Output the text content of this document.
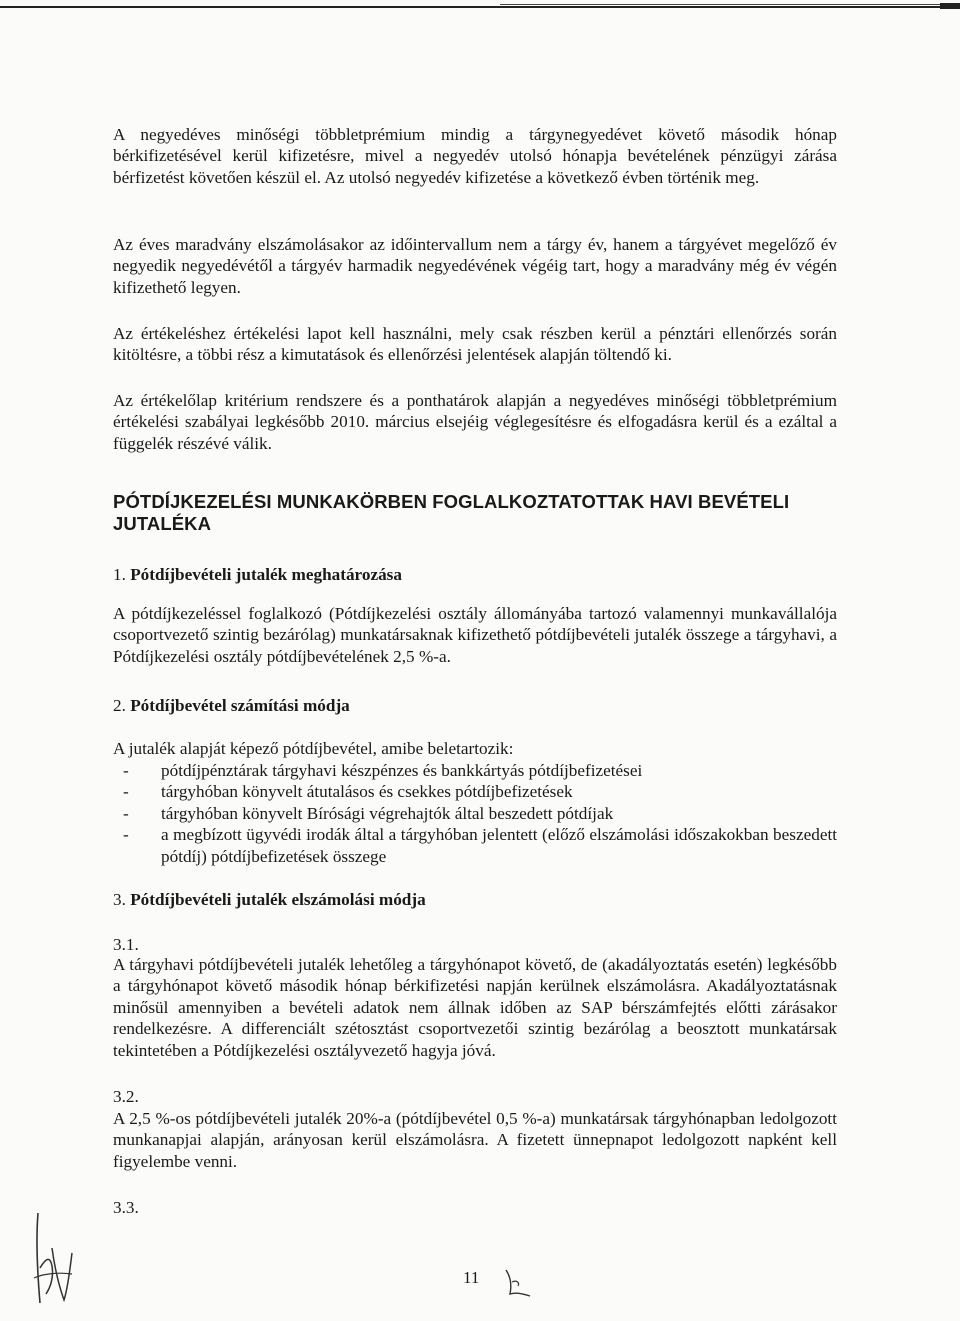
A negyedéves minőségi többletprémium mindig a tárgynegyedévet követő második hónap bérkifizetésével kerül kifizetésre, mivel a negyedév utolsó hónapja bevételének pénzügyi zárása bérfizetést követően készül el. Az utolsó negyedév kifizetése a következő évben történik meg.

Az éves maradvány elszámolásakor az időintervallum nem a tárgy év, hanem a tárgyévet megelőző év negyedik negyedévétől a tárgyév harmadik negyedévének végéig tart, hogy a maradvány még év végén kifizethető legyen.

Az értékeléshez értékelési lapot kell használni, mely csak részben kerül a pénztári ellenőrzés során kitöltésre, a többi rész a kimutatások és ellenőrzési jelentések alapján töltendő ki.

Az értékelőlap kritérium rendszere és a ponthatárok alapján a negyedéves minőségi többletprémium értékelési szabályai legkésőbb 2010. március elsejéig véglegesítésre és elfogadásra kerül és a ezáltal a függelék részévé válik.

PÓTDÍJKEZELÉSI MUNKAKÖRBEN FOGLALKOZTATOTTAK HAVI BEVÉTELI JUTALÉKA
1. Pótdíjbevételi jutalék meghatározása

A pótdíjkezeléssel foglalkozó (Pótdíjkezelési osztály állományába tartozó valamennyi munkavállalója csoportvezető szintig bezárólag) munkatársaknak kifizethető pótdíjbevételi jutalék összege a tárgyhavi, a Pótdíjkezelési osztály pótdíjbevételének 2,5 %-a.

2. Pótdíjbevétel számítási módja

A jutalék alapját képező pótdíjbevétel, amibe beletartozik:

- pótdíjpénztárak tárgyhavi készpénzes és bankkártyás pótdíjbefizetései
- tárgyhóban könyvelt átutalásos és csekkes pótdíjbefizetések
- tárgyhóban könyvelt Bírósági végrehajtók által beszedett pótdíjak
- a megbízott ügyvédi irodák által a tárgyhóban jelentett (előző elszámolási időszakokban beszedett pótdíj) pótdíjbefizetések összege
3. Pótdíjbevételi jutalék elszámolási módja

3.1.

A tárgyhavi pótdíjbevételi jutalék lehetőleg a tárgyhónapot követő, de (akadályoztatás esetén) legkésőbb a tárgyhónapot követő második hónap bérkifizetési napján kerülnek elszámolásra. Akadályoztatásnak minősül amennyiben a bevételi adatok nem állnak időben az SAP bérszámfejtés előtti zárásakor rendelkezésre. A differenciált szétosztást csoportvezetői szintig bezárólag a beosztott munkatársak tekintetében a Pótdíjkezelési osztályvezető hagyja jóvá.

3.2.

A 2,5 %-os pótdíjbevételi jutalék 20%-a (pótdíjbevétel 0,5 %-a) munkatársak tárgyhónapban ledolgozott munkanapjai alapján, arányosan kerül elszámolásra. A fizetett ünnepnapot ledolgozott napként kell figyelembe venni.

3.3.

11
